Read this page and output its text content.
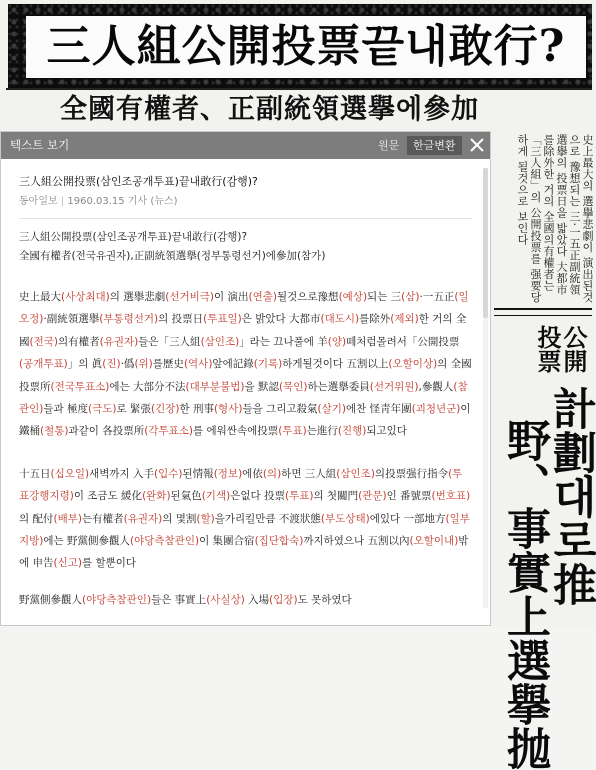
三人組公開投票끝내敢行?
全國有權者、正副統領選擧에參加
史上最大의 選擧悲劇이 演出된것으로 豫想되는 三·一五正副統領選擧의 投票日을 밟았다 大都市를除外한 거의 全國의有權者는 「三人組」의 公開投票를 强要당하게 될것으로 보인다
公開
投票
計劃대로推
野、事實上選擧抛
텍스트 보기	원문	한글변환

三人組公開投票(삼인조공개투표)끝내敢行(감행)?

동아일보 | 1960.03.15 기사 (뉴스)

三人組公開投票(삼인조공개투표)끝내敢行(감행)?

全國有權者(전국유권자),正副統領選擧(정부통령선거)에參加(참가)

史上最大(사상최대)의 選擧悲劇(선거비극)이 演出(연출)될것으로豫想(예상)되는 三(삼)·一五正(일오정)·副統領選擧(부통령선거)의 投票日(투표일)은 밝았다 大都市(대도시)를除外(제외)한 거의 全國(전국)의有權者(유권자)들은「三人組(삼인조)」라는 끄나풀에 羊(양)떼처럼몰려서「公開投票(공개투표)」의 眞(진)·僞(위)를歷史(역사)앞에記錄(기록)하게될것이다 五割以上(오할이상)의 全國投票所(전국투표소)에는 大部分不法(대부분불법)을 默認(묵인)하는選擧委員(선거위원),參觀人(참관인)들과 極度(극도)로 緊張(긴장)한 刑事(형사)들을 그리고殺氣(살기)에찬 怪靑年團(괴청년군)이 鐵桶(철통)과같이 各投票所(각투표소)를 에워싼속에投票(투표)는進行(진행)되고있다

十五日(십오일)새벽까지 入手(입수)된情報(정보)에依(의)하면 三人組(삼인조)의投票强行指令(투표강행지령)이 조금도 緩化(완화)된氣色(기색)은없다 投票(투표)의 첫關門(관문)인 番號票(번호표)의 配付(배부)는有權者(유권자)의 몇割(할)을가리킬만큼 不渡狀態(부도상태)에있다 一部地方(일부지방)에는 野黨側參觀人(야당측참관인)이 集團合宿(집단합숙)까지하였으나 五割以內(오할이내)밖에 申告(신고)를 할뿐이다

野黨側參觀人(야당측참관인)들은 事實上(사실상) 入場(입장)도 못하였다
